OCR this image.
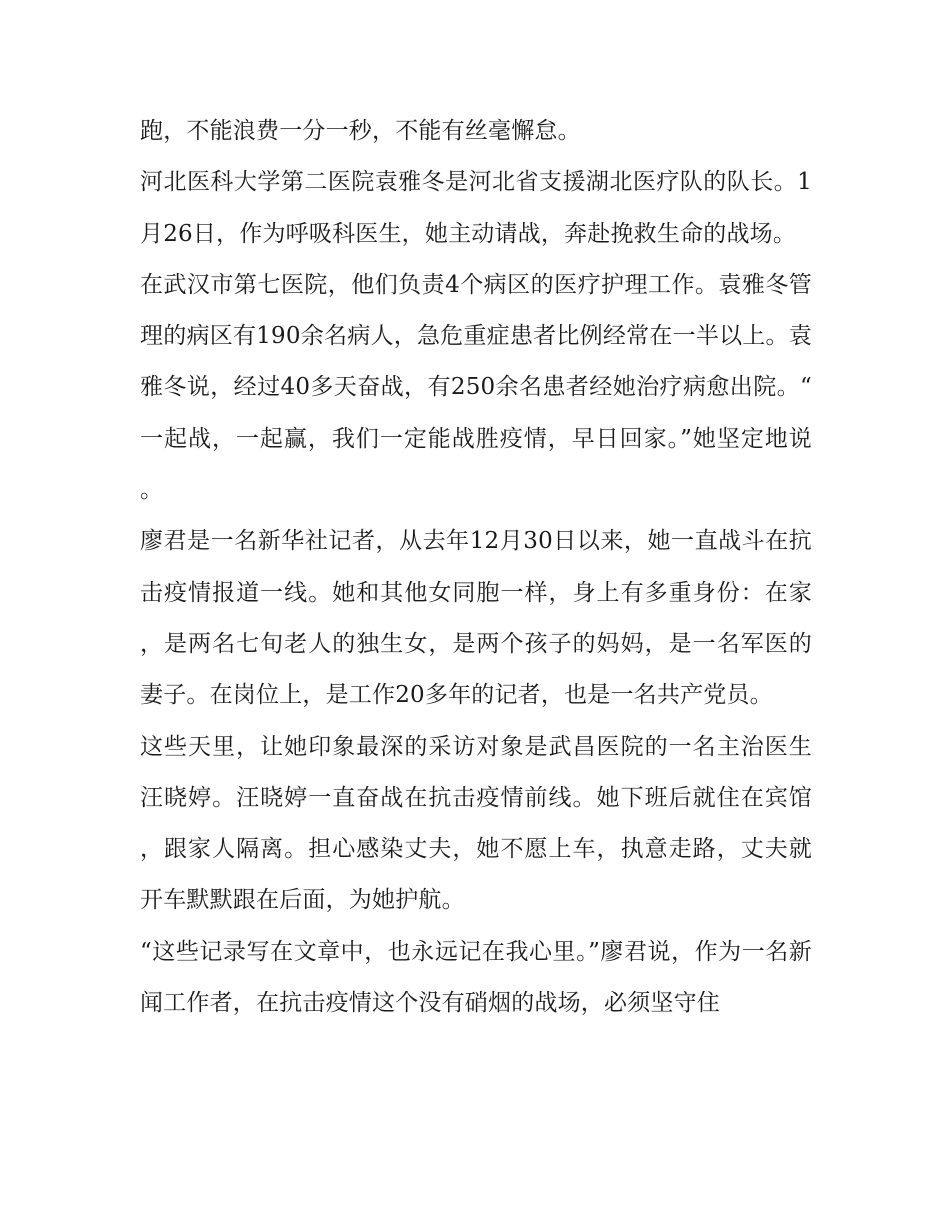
跑，不能浪费一分一秒，不能有丝毫懈怠。

河北医科大学第二医院袁雅冬是河北省支援湖北医疗队的队长。1月26日，作为呼吸科医生，她主动请战，奔赴挽救生命的战场。

在武汉市第七医院，他们负责4个病区的医疗护理工作。袁雅冬管理的病区有190余名病人，急危重症患者比例经常在一半以上。袁雅冬说，经过40多天奋战，有250余名患者经她治疗病愈出院。“一起战，一起赢，我们一定能战胜疫情，早日回家。”她坚定地说。

廖君是一名新华社记者，从去年12月30日以来，她一直战斗在抗击疫情报道一线。她和其他女同胞一样，身上有多重身份：在家，是两名七旬老人的独生女，是两个孩子的妈妈，是一名军医的妻子。在岗位上，是工作20多年的记者，也是一名共产党员。

这些天里，让她印象最深的采访对象是武昌医院的一名主治医生汪晓婷。汪晓婷一直奋战在抗击疫情前线。她下班后就住在宾馆，跟家人隔离。担心感染丈夫，她不愿上车，执意走路，丈夫就开车默默跟在后面，为她护航。

“这些记录写在文章中，也永远记在我心里。”廖君说，作为一名新闻工作者，在抗击疫情这个没有硝烟的战场，必须坚守住
